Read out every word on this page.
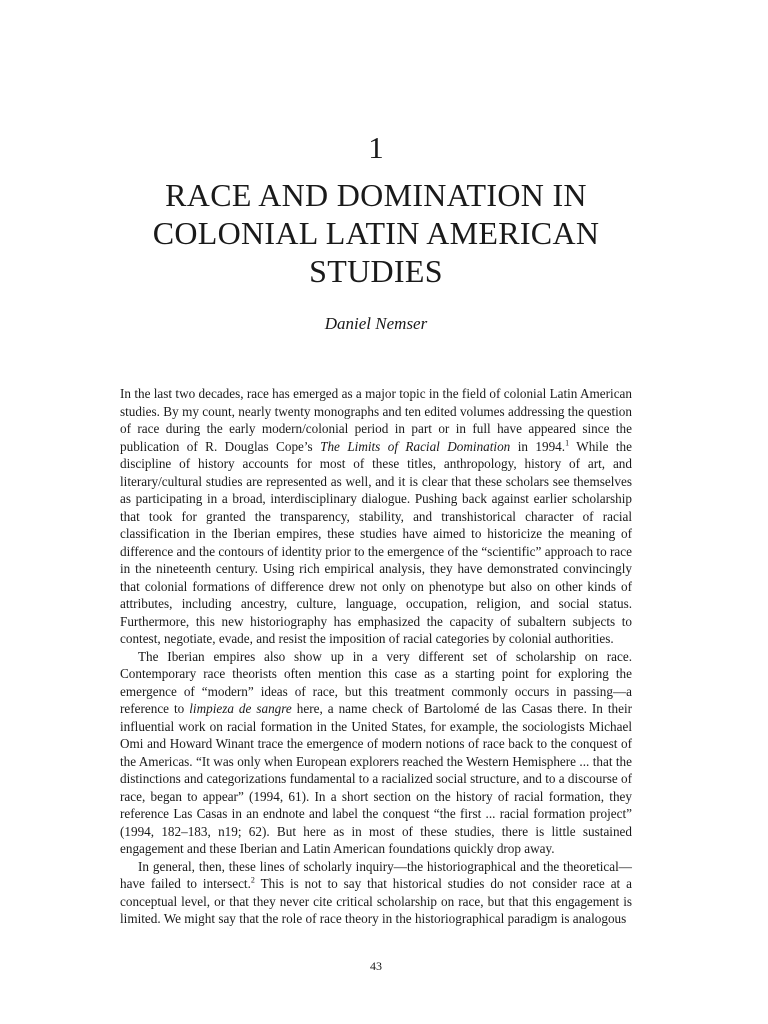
1
RACE AND DOMINATION IN
COLONIAL LATIN AMERICAN
STUDIES
Daniel Nemser

In the last two decades, race has emerged as a major topic in the field of colonial Latin American studies. By my count, nearly twenty monographs and ten edited volumes addressing the question of race during the early modern/colonial period in part or in full have appeared since the publication of R. Douglas Cope’s The Limits of Racial Domination in 1994.$^1$ While the discipline of history accounts for most of these titles, anthropology, history of art, and literary/cultural studies are represented as well, and it is clear that these scholars see themselves as participating in a broad, interdisciplinary dialogue. Pushing back against earlier scholarship that took for granted the transparency, stability, and transhistorical character of racial classification in the Iberian empires, these studies have aimed to historicize the meaning of difference and the contours of identity prior to the emergence of the “scientific” approach to race in the nineteenth century. Using rich empirical analysis, they have demonstrated convincingly that colonial formations of difference drew not only on phenotype but also on other kinds of attributes, including ancestry, culture, language, occupation, religion, and social status. Furthermore, this new historiography has emphasized the capacity of subaltern subjects to contest, negotiate, evade, and resist the imposition of racial categories by colonial authorities.

The Iberian empires also show up in a very different set of scholarship on race. Contemporary race theorists often mention this case as a starting point for exploring the emergence of “modern” ideas of race, but this treatment commonly occurs in passing—a reference to limpieza de sangre here, a name check of Bartolomé de las Casas there. In their influential work on racial formation in the United States, for example, the sociologists Michael Omi and Howard Winant trace the emergence of modern notions of race back to the conquest of the Americas. “It was only when European explorers reached the Western Hemisphere ... that the distinctions and categorizations fundamental to a racialized social structure, and to a discourse of race, began to appear” (1994, 61). In a short section on the history of racial formation, they reference Las Casas in an endnote and label the conquest “the first ... racial formation project” (1994, 182–183, n19; 62). But here as in most of these studies, there is little sustained engagement and these Iberian and Latin American foundations quickly drop away.

In general, then, these lines of scholarly inquiry—the historiographical and the theoretical—have failed to intersect.$^2$ This is not to say that historical studies do not consider race at a conceptual level, or that they never cite critical scholarship on race, but that this engagement is limited. We might say that the role of race theory in the historiographical paradigm is analogous

43
